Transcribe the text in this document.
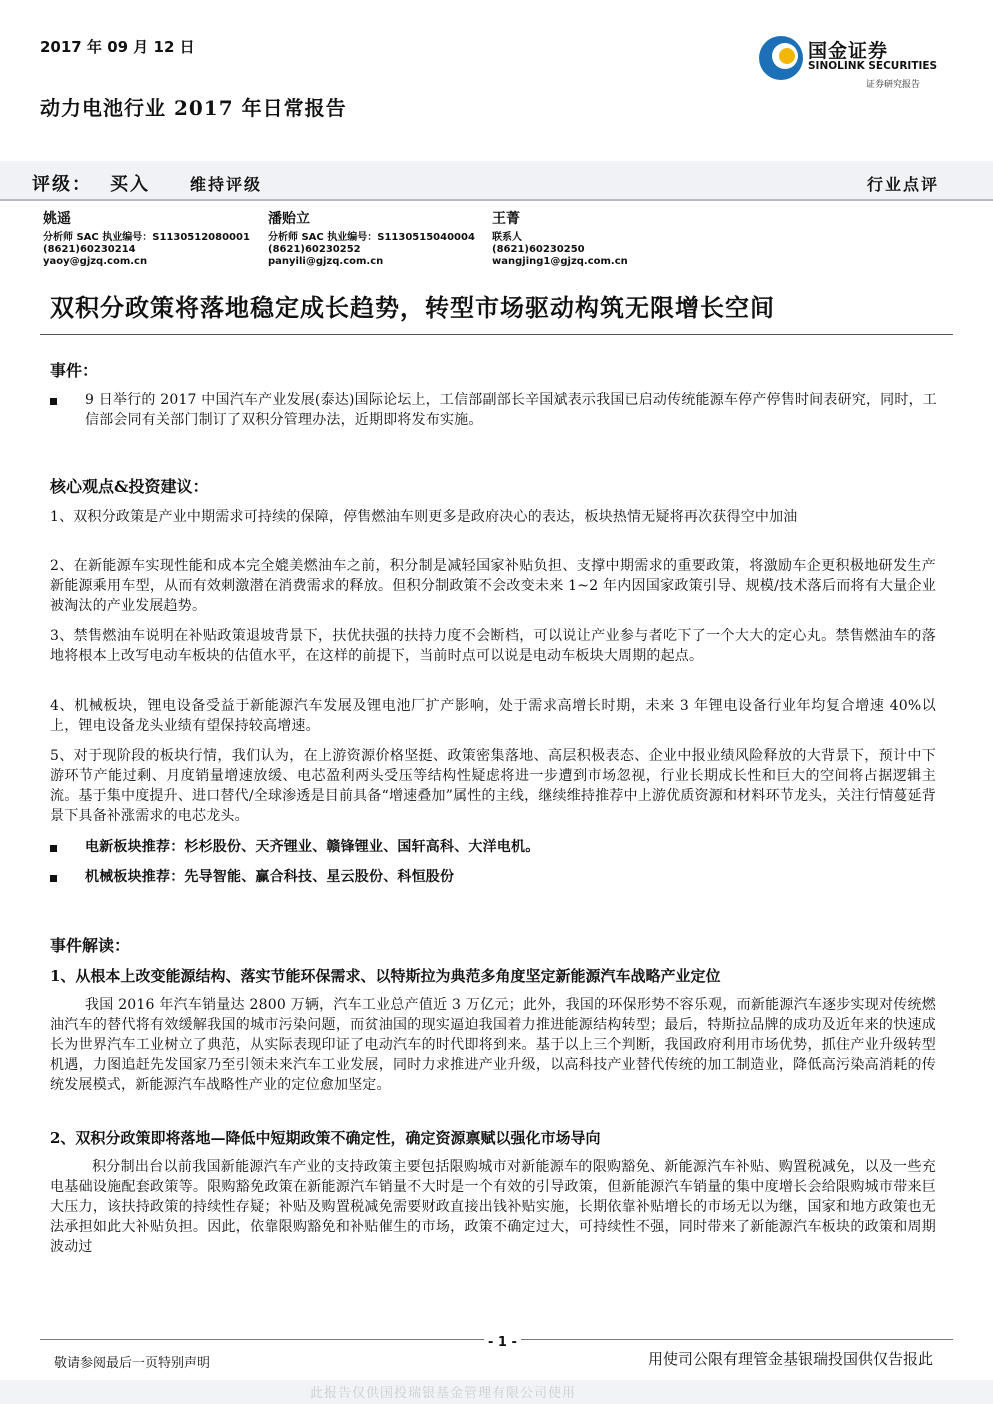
2017 年 09 月 12 日
动力电池行业 2017 年日常报告
国金证券
SINOLINK SECURITIES
证券研究报告
评级： 买入	维持评级	行业点评
姚遥
分析师 SAC 执业编号：S1130512080001
(8621)60230214
yaoy@gjzq.com.cn
潘贻立
分析师 SAC 执业编号：S1130515040004
(8621)60230252
panyili@gjzq.com.cn
王菁
联系人
(8621)60230250
wangjing1@gjzq.com.cn
双积分政策将落地稳定成长趋势，转型市场驱动构筑无限增长空间
事件：
9 日举行的 2017 中国汽车产业发展(泰达)国际论坛上，工信部副部长辛国斌表示我国已启动传统能源车停产停售时间表研究，同时，工信部会同有关部门制订了双积分管理办法，近期即将发布实施。
核心观点&投资建议：
1、双积分政策是产业中期需求可持续的保障，停售燃油车则更多是政府决心的表达，板块热情无疑将再次获得空中加油
2、在新能源车实现性能和成本完全媲美燃油车之前，积分制是减轻国家补贴负担、支撑中期需求的重要政策，将激励车企更积极地研发生产新能源乘用车型，从而有效刺激潜在消费需求的释放。但积分制政策不会改变未来 1~2 年内因国家政策引导、规模/技术落后而将有大量企业被淘汰的产业发展趋势。
3、禁售燃油车说明在补贴政策退坡背景下，扶优扶强的扶持力度不会断档，可以说让产业参与者吃下了一个大大的定心丸。禁售燃油车的落地将根本上改写电动车板块的估值水平，在这样的前提下，当前时点可以说是电动车板块大周期的起点。
4、机械板块，锂电设备受益于新能源汽车发展及锂电池厂扩产影响，处于需求高增长时期，未来 3 年锂电设备行业年均复合增速 40%以上，锂电设备龙头业绩有望保持较高增速。
5、对于现阶段的板块行情，我们认为，在上游资源价格坚挺、政策密集落地、高层积极表态、企业中报业绩风险释放的大背景下，预计中下游环节产能过剩、月度销量增速放缓、电芯盈利两头受压等结构性疑虑将进一步遭到市场忽视，行业长期成长性和巨大的空间将占据逻辑主流。基于集中度提升、进口替代/全球渗透是目前具备“增速叠加”属性的主线，继续维持推荐中上游优质资源和材料环节龙头，关注行情蔓延背景下具备补涨需求的电芯龙头。
电新板块推荐：杉杉股份、天齐锂业、赣锋锂业、国轩高科、大洋电机。
机械板块推荐：先导智能、赢合科技、星云股份、科恒股份
事件解读：
1、从根本上改变能源结构、落实节能环保需求、以特斯拉为典范多角度坚定新能源汽车战略产业定位
我国 2016 年汽车销量达 2800 万辆，汽车工业总产值近 3 万亿元；此外，我国的环保形势不容乐观，而新能源汽车逐步实现对传统燃油汽车的替代将有效缓解我国的城市污染问题，而贫油国的现实逼迫我国着力推进能源结构转型；最后，特斯拉品牌的成功及近年来的快速成长为世界汽车工业树立了典范，从实际表现印证了电动汽车的时代即将到来。基于以上三个判断，我国政府利用市场优势，抓住产业升级转型机遇，力图追赶先发国家乃至引领未来汽车工业发展，同时力求推进产业升级，以高科技产业替代传统的加工制造业，降低高污染高消耗的传统发展模式，新能源汽车战略性产业的定位愈加坚定。
2、双积分政策即将落地—降低中短期政策不确定性，确定资源禀赋以强化市场导向
积分制出台以前我国新能源汽车产业的支持政策主要包括限购城市对新能源车的限购豁免、新能源汽车补贴、购置税减免，以及一些充电基础设施配套政策等。限购豁免政策在新能源汽车销量不大时是一个有效的引导政策，但新能源汽车销量的集中度增长会给限购城市带来巨大压力，该扶持政策的持续性存疑；补贴及购置税减免需要财政直接出钱补贴实施，长期依靠补贴增长的市场无以为继，国家和地方政策也无法承担如此大补贴负担。因此，依靠限购豁免和补贴催生的市场，政策不确定过大，可持续性不强，同时带来了新能源汽车板块的政策和周期波动过
- 1 -
敬请参阅最后一页特别声明	用使司公限有理管金基银瑞投国供仅告报此
此报告仅供国投瑞银基金管理有限公司使用
